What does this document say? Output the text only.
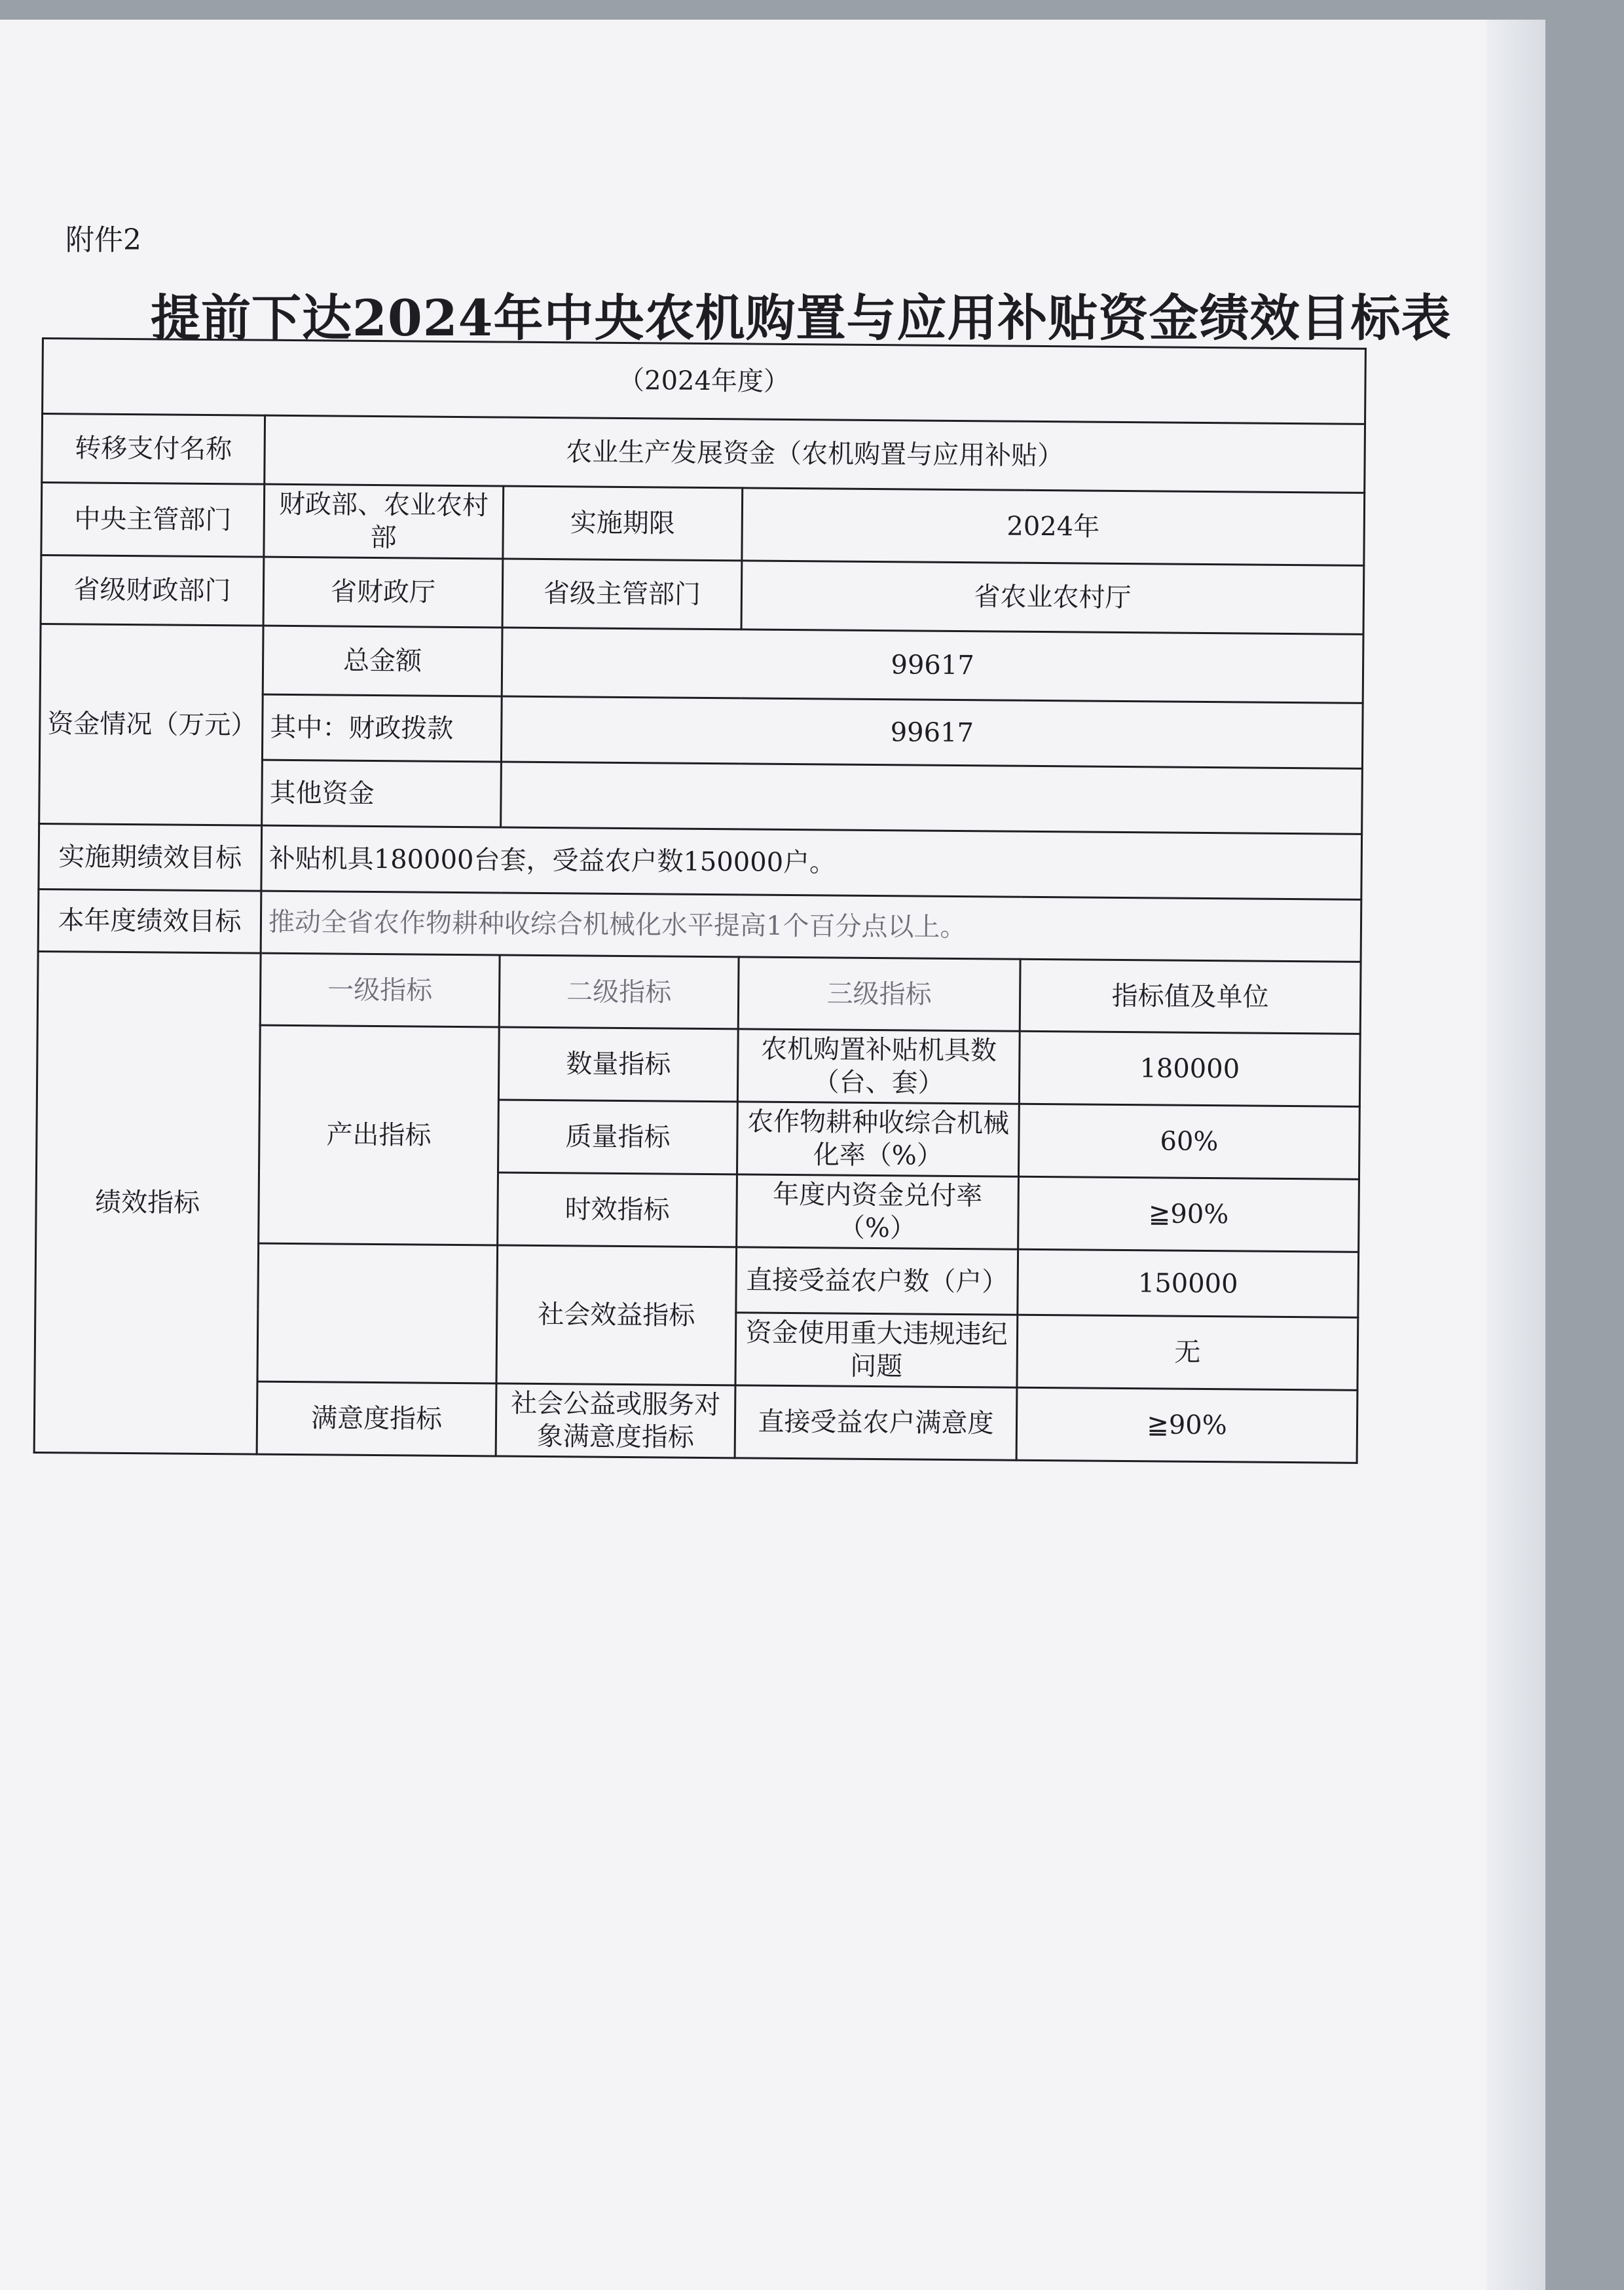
附件2
提前下达2024年中央农机购置与应用补贴资金绩效目标表
（2024年度）				
转移支付名称	农业生产发展资金（农机购置与应用补贴）			
中央主管部门	财政部、农业农村部	实施期限	2024年	
省级财政部门	省财政厅	省级主管部门	省农业农村厅	
资金情况（万元）	总金额	99617		
	其中：财政拨款	99617		
	其他资金			
实施期绩效目标	补贴机具180000台套，受益农户数150000户。			
本年度绩效目标	推动全省农作物耕种收综合机械化水平提高1个百分点以上。			
绩效指标	一级指标	二级指标	三级指标	指标值及单位
	产出指标	数量指标	农机购置补贴机具数（台、套）	180000
		质量指标	农作物耕种收综合机械化率（%）	60%
		时效指标	年度内资金兑付率（%）	≧90%
		社会效益指标	直接受益农户数（户）	150000
			资金使用重大违规违纪问题	无
	满意度指标	社会公益或服务对象满意度指标	直接受益农户满意度	≧90%
